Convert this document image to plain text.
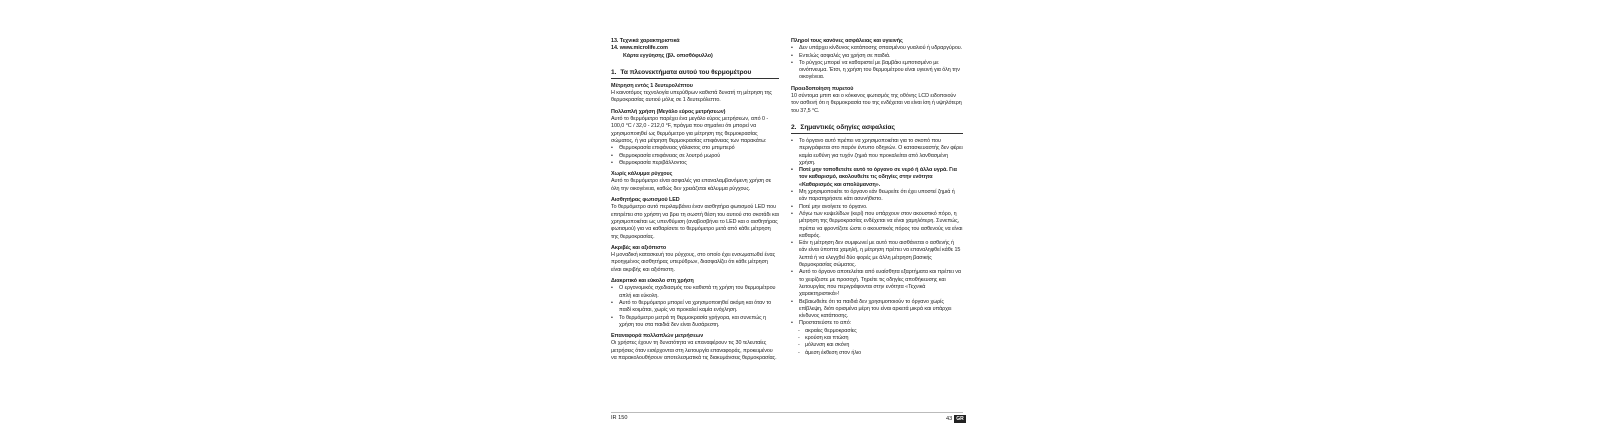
13. Τεχνικά χαρακτηριστικά

14. www.microlife.com

Κάρτα εγγύησης (βλ. οπισθόφυλλο)

1. Τα πλεονεκτήματα αυτού του θερμομέτρου

Μέτρηση εντός 1 δευτερολέπτου

Η καινοτόμος τεχνολογία υπερύθρων καθιστά δυνατή τη μέτρηση της θερμοκρασίας αυτιού μόλις σε 1 δευτερόλεπτο.

Πολλαπλή χρήση (Μεγάλο εύρος μετρήσεων)

Αυτό το θερμόμετρο παρέχει ένα μεγάλο εύρος μετρήσεων, από 0 - 100,0 °C / 32,0 - 212,0 °F, πράγμα που σημαίνει ότι μπορεί να χρησιμοποιηθεί ως θερμόμετρο για μέτρηση της θερμοκρασίας σώματος, ή για μέτρηση θερμοκρασίας επιφάνειας των παρακάτω:

• Θερμοκρασία επιφάνειας γάλακτος στο μπιμπερό
• Θερμοκρασία επιφάνειας σε λουτρό μωρού
• Θερμοκρασία περιβάλλοντος

Χωρίς κάλυμμα ρύγχους

Αυτό το θερμόμετρο είναι ασφαλές για επαναλαμβανόμενη χρήση σε όλη την οικογένεια, καθώς δεν χρειάζεται κάλυμμα ρύγχους.

Αισθητήρας φωτισμού LED

Το θερμόμετρο αυτό περιλαμβάνει έναν αισθητήρα φωτισμού LED που επιτρέπει στο χρήστη να βρει τη σωστή θέση του αυτιού στο σκοτάδι και χρησιμοποιείται ως υπενθύμιση (αναβοσβήνει το LED και ο αισθητήρας φωτισμού) για να καθαρίσετε το θερμόμετρο μετά από κάθε μέτρηση της θερμοκρασίας.

Ακριβές και αξιόπιστο

Η μοναδική κατασκευή του ρύγχους, στο οποίο έχει ενσωματωθεί ένας προηγμένος αισθητήρας υπερύθρων, διασφαλίζει ότι κάθε μέτρηση είναι ακριβής και αξιόπιστη.

Διακριτικό και εύκολο στη χρήση

• Ο εργονομικός σχεδιασμός του καθιστά τη χρήση του θερμομέτρου απλή και εύκολη.
• Αυτό το θερμόμετρο μπορεί να χρησιμοποιηθεί ακόμη και όταν το παιδί κοιμάται, χωρίς να προκαλεί καμία ενόχληση.
• Το θερμόμετρο μετρά τη θερμοκρασία γρήγορα, και συνεπώς η χρήση του στα παιδιά δεν είναι δυσάρεστη.

Επαναφορά πολλαπλών μετρήσεων

Οι χρήστες έχουν τη δυνατότητα να επαναφέρουν τις 30 τελευταίες μετρήσεις όταν εισέρχονται στη λειτουργία επαναφοράς, προκειμένου να παρακολουθήσουν αποτελεσματικά τις διακυμάνσεις θερμοκρασίας.

Πληροί τους κανόνες ασφάλειας και υγιεινής

• Δεν υπάρχει κίνδυνος κατάποσης σπασμένου γυαλιού ή υδραργύρου.
• Εντελώς ασφαλές για χρήση σε παιδιά.
• Το ρύγχος μπορεί να καθαριστεί με βαμβάκι εμποτισμένο με οινόπνευμα. Έτσι, η χρήση του θερμομέτρου είναι υγιεινή για όλη την οικογένεια.

Προειδοποίηση πυρετού

10 σύντομα μπιπ και ο κόκκινος φωτισμός της οθόνης LCD ειδοποιούν τον ασθενή ότι η θερμοκρασία του της ενδέχεται να είναι ίση ή υψηλότερη του 37,5 °C.

2. Σημαντικές οδηγίες ασφαλείας
• Το όργανο αυτό πρέπει να χρησιμοποιείται για το σκοπό που περιγράφεται στο παρόν έντυπο οδηγιών. Ο κατασκευαστής δεν φέρει καμία ευθύνη για τυχόν ζημιά που προκαλείται από λανθασμένη χρήση.
• Ποτέ μην τοποθετείτε αυτό το όργανο σε νερό ή άλλα υγρά. Για τον καθαρισμό, ακολουθείτε τις οδηγίες στην ενότητα «Καθαρισμός και απολύμανση».
• Μη χρησιμοποιείτε το όργανο εάν θεωρείτε ότι έχει υποστεί ζημιά ή εάν παρατηρήσετε κάτι ασυνήθιστο.
• Ποτέ μην ανοίγετε το όργανο.
• Λόγω των κυψελίδων (κερί) που υπάρχουν στον ακουστικό πόρο, η μέτρηση της θερμοκρασίας ενδέχεται να είναι χαμηλότερη. Συνεπώς, πρέπει να φροντίζετε ώστε ο ακουστικός πόρος του ασθενούς να είναι καθαρός.
• Εάν η μέτρηση δεν συμφωνεί με αυτό που αισθάνεται ο ασθενής ή εάν είναι ύποπτα χαμηλή, η μέτρηση πρέπει να επαναληφθεί κάθε 15 λεπτά ή να ελεγχθεί δύο φορές με άλλη μέτρηση βασικής θερμοκρασίας σώματος.
• Αυτό το όργανο αποτελείται από ευαίσθητα εξαρτήματα και πρέπει να το χειρίζεστε με προσοχή. Τηρείτε τις οδηγίες αποθήκευσης και λειτουργίας που περιγράφονται στην ενότητα «Τεχνικά χαρακτηριστικά»!
• Βεβαιωθείτε ότι τα παιδιά δεν χρησιμοποιούν το όργανο χωρίς επίβλεψη, διότι ορισμένα μέρη του είναι αρκετά μικρά και υπάρχει κίνδυνος κατάποσης.
• Προστατεύστε το από:
- ακραίες θερμοκρασίες
- κρούση και πτώση
- μόλυνση και σκόνη
- άμεση έκθεση στον ήλιο
IR 150	43 GR
